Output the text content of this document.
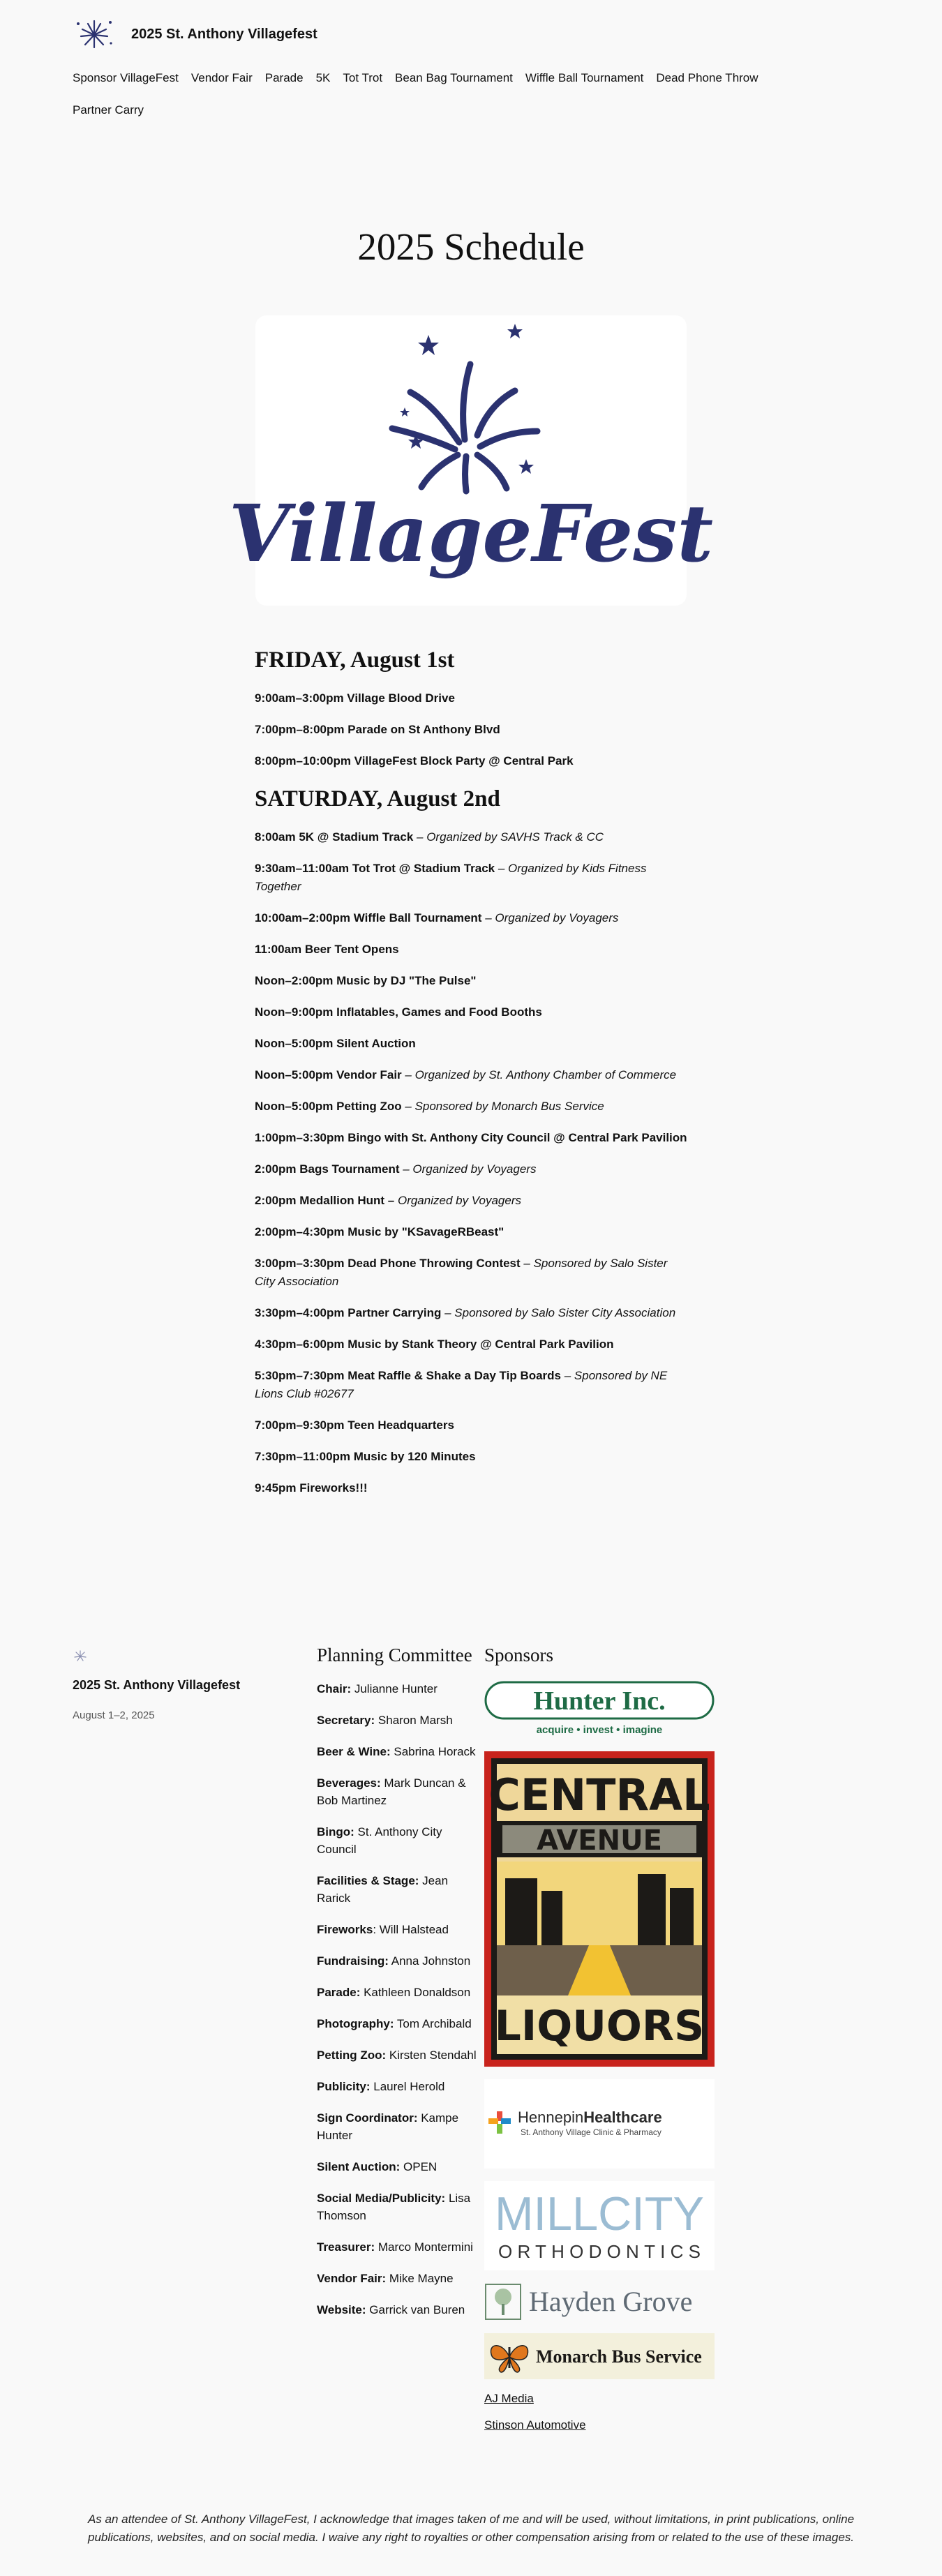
2025 St. Anthony Villagefest
Sponsor VillageFest Vendor Fair Parade 5K Tot Trot Bean Bag Tournament Wiffle Ball Tournament Dead Phone Throw
Partner Carry
2025 Schedule
VillageFest
FRIDAY, August 1st

9:00am–3:00pm Village Blood Drive

7:00pm–8:00pm Parade on St Anthony Blvd

8:00pm–10:00pm VillageFest Block Party @ Central Park

SATURDAY, August 2nd

8:00am 5K @ Stadium Track – Organized by SAVHS Track & CC

9:30am–11:00am Tot Trot @ Stadium Track – Organized by Kids Fitness Together

10:00am–2:00pm Wiffle Ball Tournament – Organized by Voyagers

11:00am Beer Tent Opens

Noon–2:00pm Music by DJ "The Pulse"

Noon–9:00pm Inflatables, Games and Food Booths

Noon–5:00pm Silent Auction

Noon–5:00pm Vendor Fair – Organized by St. Anthony Chamber of Commerce

Noon–5:00pm Petting Zoo – Sponsored by Monarch Bus Service

1:00pm–3:30pm Bingo with St. Anthony City Council @ Central Park Pavilion

2:00pm Bags Tournament – Organized by Voyagers

2:00pm Medallion Hunt – Organized by Voyagers

2:00pm–4:30pm Music by "KSavageRBeast"

3:00pm–3:30pm Dead Phone Throwing Contest – Sponsored by Salo Sister City Association

3:30pm–4:00pm Partner Carrying – Sponsored by Salo Sister City Association

4:30pm–6:00pm Music by Stank Theory @ Central Park Pavilion

5:30pm–7:30pm Meat Raffle & Shake a Day Tip Boards – Sponsored by NE Lions Club #02677

7:00pm–9:30pm Teen Headquarters

7:30pm–11:00pm Music by 120 Minutes

9:45pm Fireworks!!!

2025 St. Anthony Villagefest
August 1–2, 2025
Planning Committee

Chair: Julianne Hunter

Secretary: Sharon Marsh

Beer & Wine: Sabrina Horack

Beverages: Mark Duncan & Bob Martinez

Bingo: St. Anthony City Council

Facilities & Stage: Jean Rarick

Fireworks: Will Halstead

Fundraising: Anna Johnston

Parade: Kathleen Donaldson

Photography: Tom Archibald

Petting Zoo: Kirsten Stendahl

Publicity: Laurel Herold

Sign Coordinator: Kampe Hunter

Silent Auction: OPEN

Social Media/Publicity: Lisa Thomson

Treasurer: Marco Montermini

Vendor Fair: Mike Mayne

Website: Garrick van Buren

Sponsors
Hunter Inc.
acquire • invest • imagine
CENTRAL
AVENUE
LIQUORS
HennepinHealthcare
St. Anthony Village Clinic & Pharmacy
MILLCITY
ORTHODONTICS
Hayden Grove
Monarch Bus Service
AJ Media
Stinson Automotive

As an attendee of St. Anthony VillageFest, I acknowledge that images taken of me and will be used, without limitations, in print publications, online publications, websites, and on social media. I waive any right to royalties or other compensation arising from or related to the use of these images.
